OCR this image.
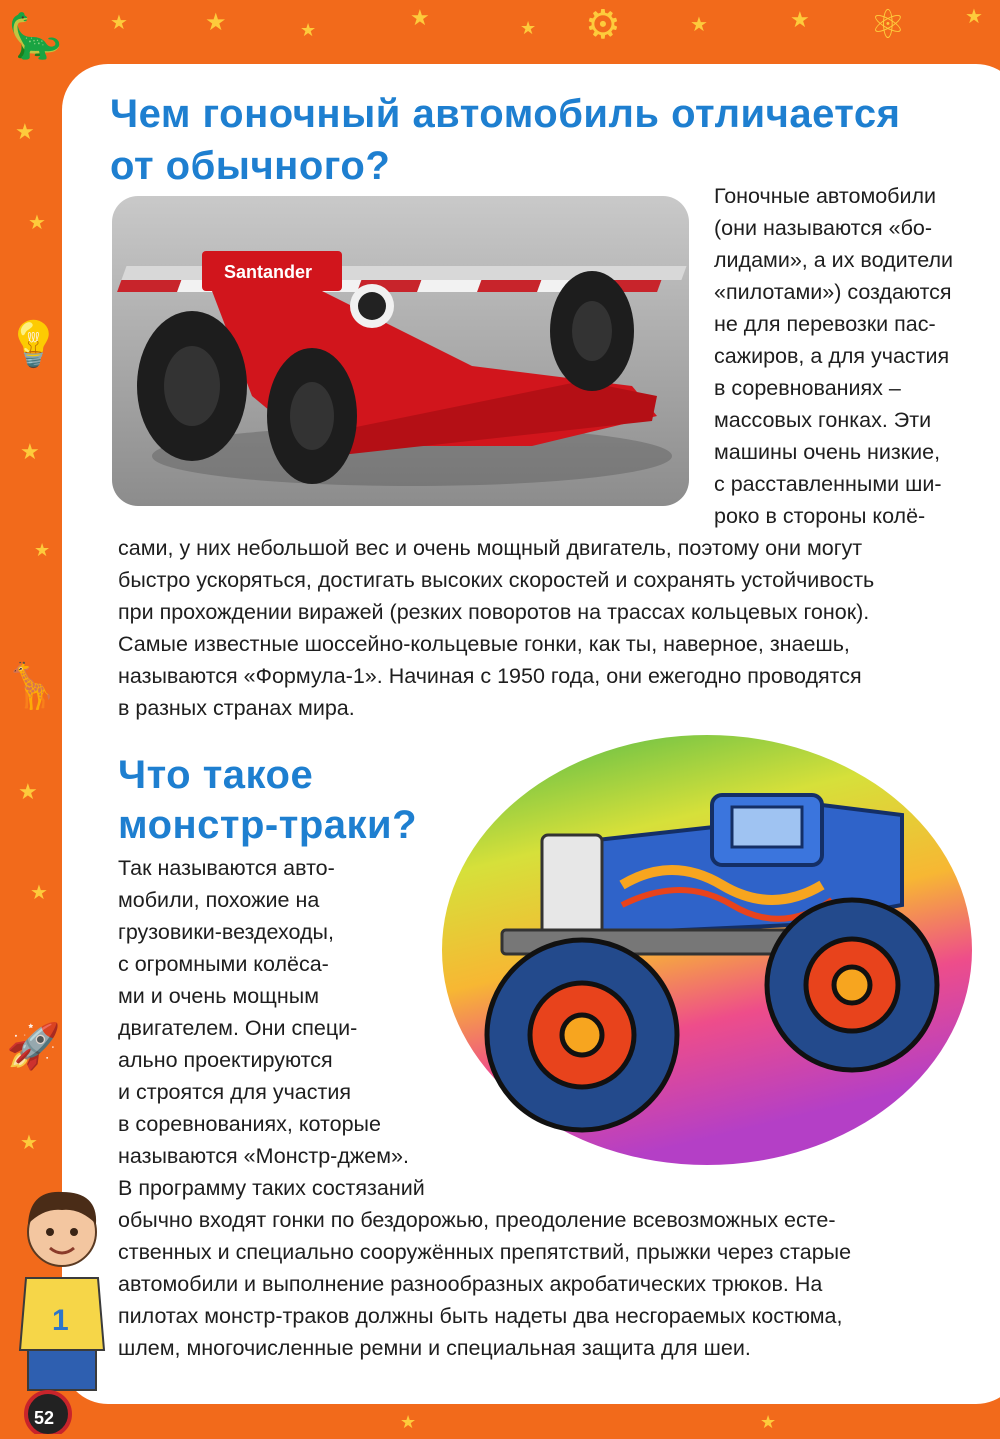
★
★
💡
★
★
🦒
★
★
🚀
★
🦕 ★	★	★	★	★ ⚙	★	★ ⚛	★
★	★
Чем гоночный автомобиль отличается от обычного?
Santander

Гоночные автомобили

(они называются «бо-

лидами», а их водители

«пилотами») создаются

не для перевозки пас-

сажиров, а для участия

в соревнованиях –

массовых гонках. Эти

машины очень низкие,

с расставленными ши-

роко в стороны колё-

сами, у них небольшой вес и очень мощный двигатель, поэтому они могут

быстро ускоряться, достигать высоких скоростей и сохранять устойчивость

при прохождении виражей (резких поворотов на трассах кольцевых гонок).

Самые известные шоссейно-кольцевые гонки, как ты, наверное, знаешь,

называются «Формула-1». Начиная с 1950 года, они ежегодно проводятся

в разных странах мира.

Что такое
монстр-траки?

Так называются авто-

мобили, похожие на

грузовики-вездеходы,

с огромными колёса-

ми и очень мощным

двигателем. Они специ-

ально проектируются

и строятся для участия

в соревнованиях, которые

называются «Монстр-джем».

В программу таких состязаний

обычно входят гонки по бездорожью, преодоление всевозможных есте-

ственных и специально сооружённых препятствий, прыжки через старые

автомобили и выполнение разнообразных акробатических трюков. На

пилотах монстр-траков должны быть надеты два несгораемых костюма,

шлем, многочисленные ремни и специальная защита для шеи.

1
52
